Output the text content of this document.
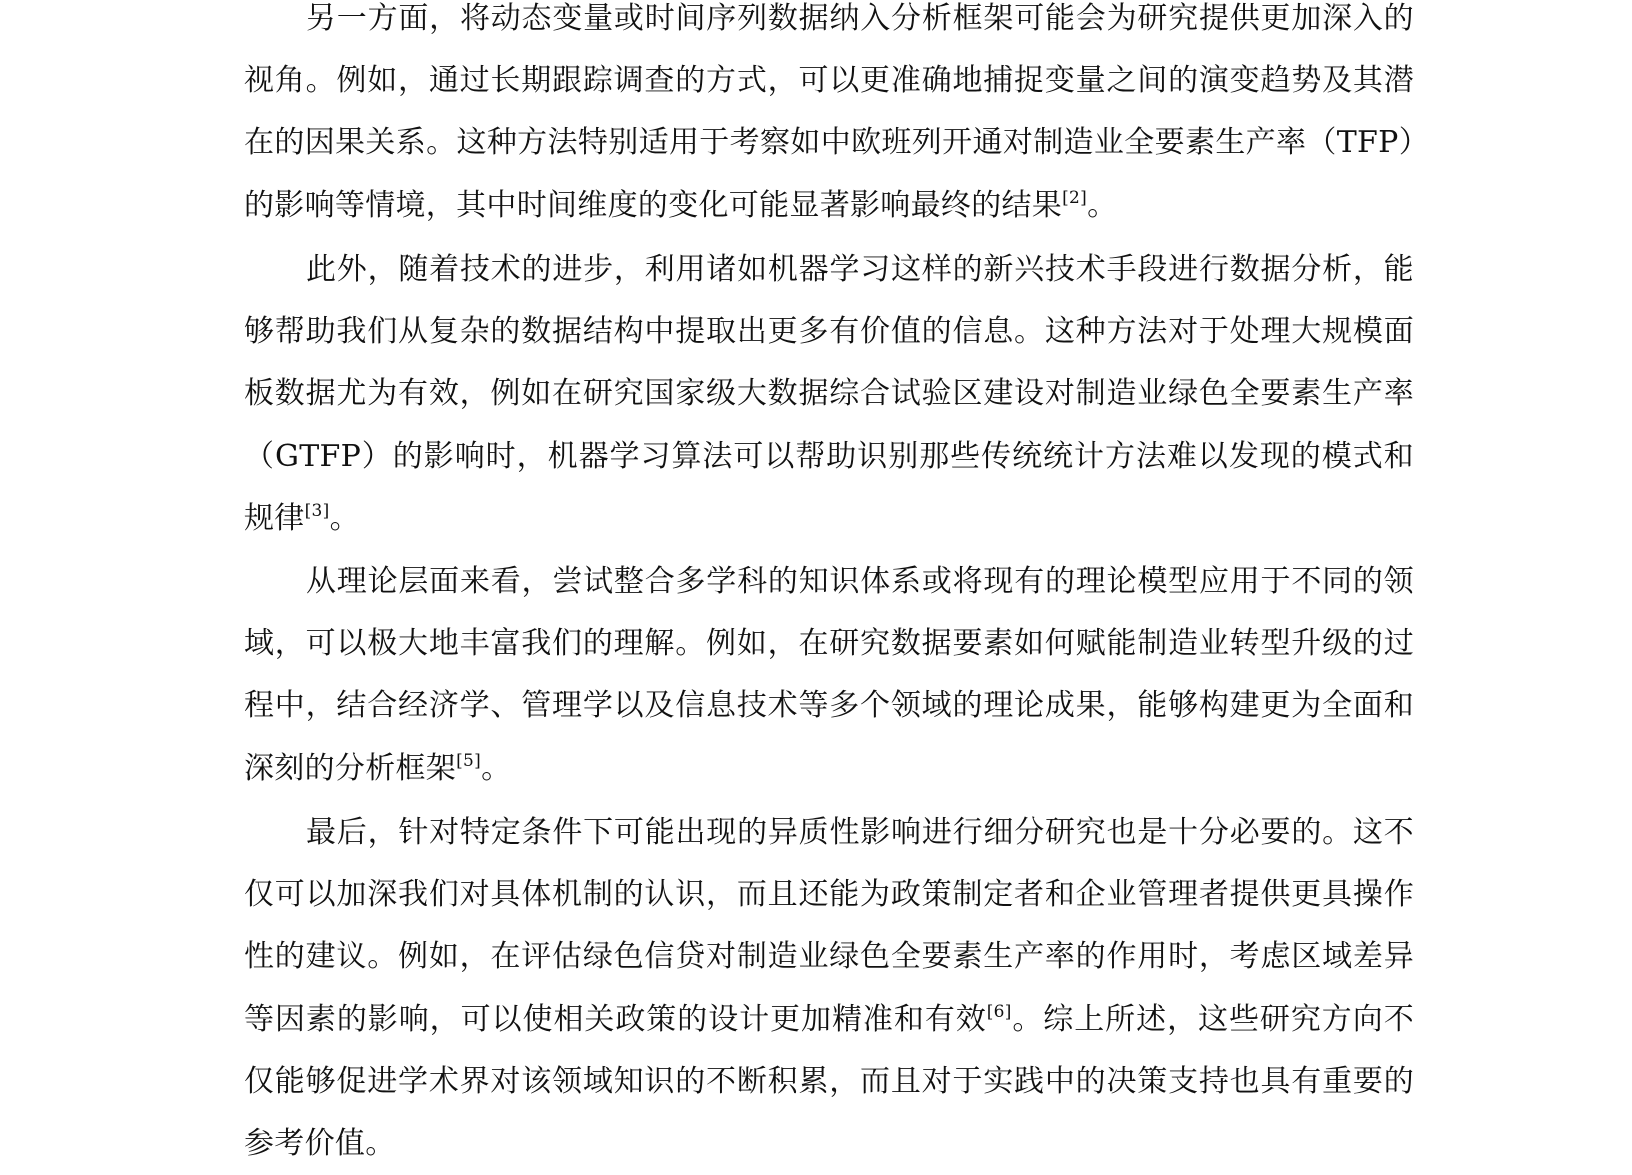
另一方面，将动态变量或时间序列数据纳入分析框架可能会为研究提供更加深入的视角。例如，通过长期跟踪调查的方式，可以更准确地捕捉变量之间的演变趋势及其潜在的因果关系。这种方法特别适用于考察如中欧班列开通对制造业全要素生产率（TFP）的影响等情境，其中时间维度的变化可能显著影响最终的结果[2]。

此外，随着技术的进步，利用诸如机器学习这样的新兴技术手段进行数据分析，能够帮助我们从复杂的数据结构中提取出更多有价值的信息。这种方法对于处理大规模面板数据尤为有效，例如在研究国家级大数据综合试验区建设对制造业绿色全要素生产率（GTFP）的影响时，机器学习算法可以帮助识别那些传统统计方法难以发现的模式和规律[3]。

从理论层面来看，尝试整合多学科的知识体系或将现有的理论模型应用于不同的领域，可以极大地丰富我们的理解。例如，在研究数据要素如何赋能制造业转型升级的过程中，结合经济学、管理学以及信息技术等多个领域的理论成果，能够构建更为全面和深刻的分析框架[5]。

最后，针对特定条件下可能出现的异质性影响进行细分研究也是十分必要的。这不仅可以加深我们对具体机制的认识，而且还能为政策制定者和企业管理者提供更具操作性的建议。例如，在评估绿色信贷对制造业绿色全要素生产率的作用时，考虑区域差异等因素的影响，可以使相关政策的设计更加精准和有效[6]。综上所述，这些研究方向不仅能够促进学术界对该领域知识的不断积累，而且对于实践中的决策支持也具有重要的参考价值。
